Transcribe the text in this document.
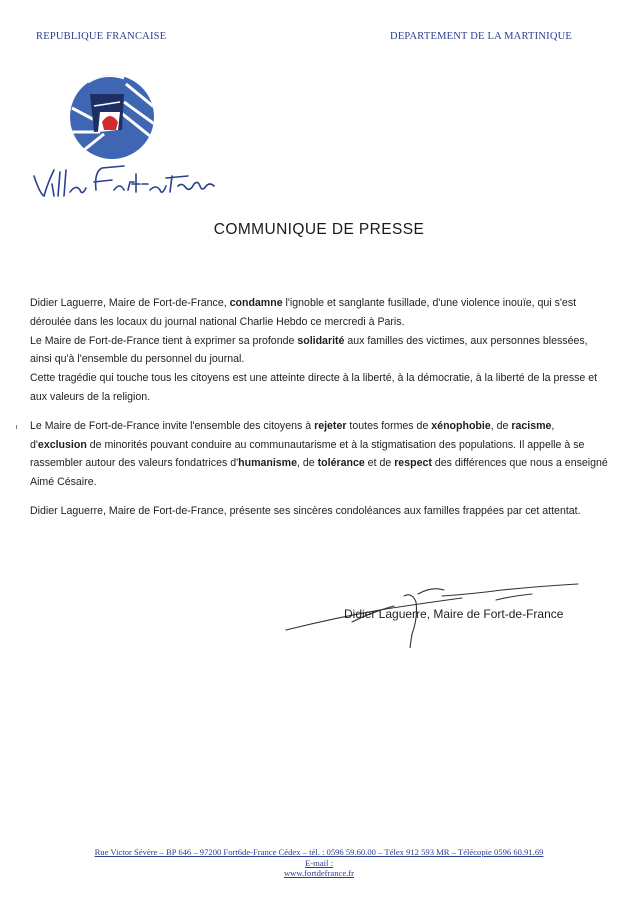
REPUBLIQUE FRANCAISE	DEPARTEMENT DE LA MARTINIQUE
COMMUNIQUE DE PRESSE

Didier Laguerre, Maire de Fort-de-France, condamne l'ignoble et sanglante fusillade, d'une violence inouïe, qui s'est déroulée dans les locaux du journal national Charlie Hebdo ce mercredi à Paris.

Le Maire de Fort-de-France tient à exprimer sa profonde solidarité aux familles des victimes, aux personnes blessées, ainsi qu'à l'ensemble du personnel du journal.

Cette tragédie qui touche tous les citoyens est une atteinte directe à la liberté, à la démocratie, à la liberté de la presse et aux valeurs de la religion.

Le Maire de Fort-de-France invite l'ensemble des citoyens à rejeter toutes formes de xénophobie, de racisme, d'exclusion de minorités pouvant conduire au communautarisme et à la stigmatisation des populations. Il appelle à se rassembler autour des valeurs fondatrices d'humanisme, de tolérance et de respect des différences que nous a enseigné Aimé Césaire.

Didier Laguerre, Maire de Fort-de-France, présente ses sincères condoléances aux familles frappées par cet attentat.

Didier Laguerre, Maire de Fort-de-France
Rue Victor Sévère – BP 646 – 97200 Fort6de-France Cédex – tél. : 0596 59.60.00 – Télex 912 593 MR – Télécopie 0596 60.91.69
E-mail :
www.fortdefrance.fr
